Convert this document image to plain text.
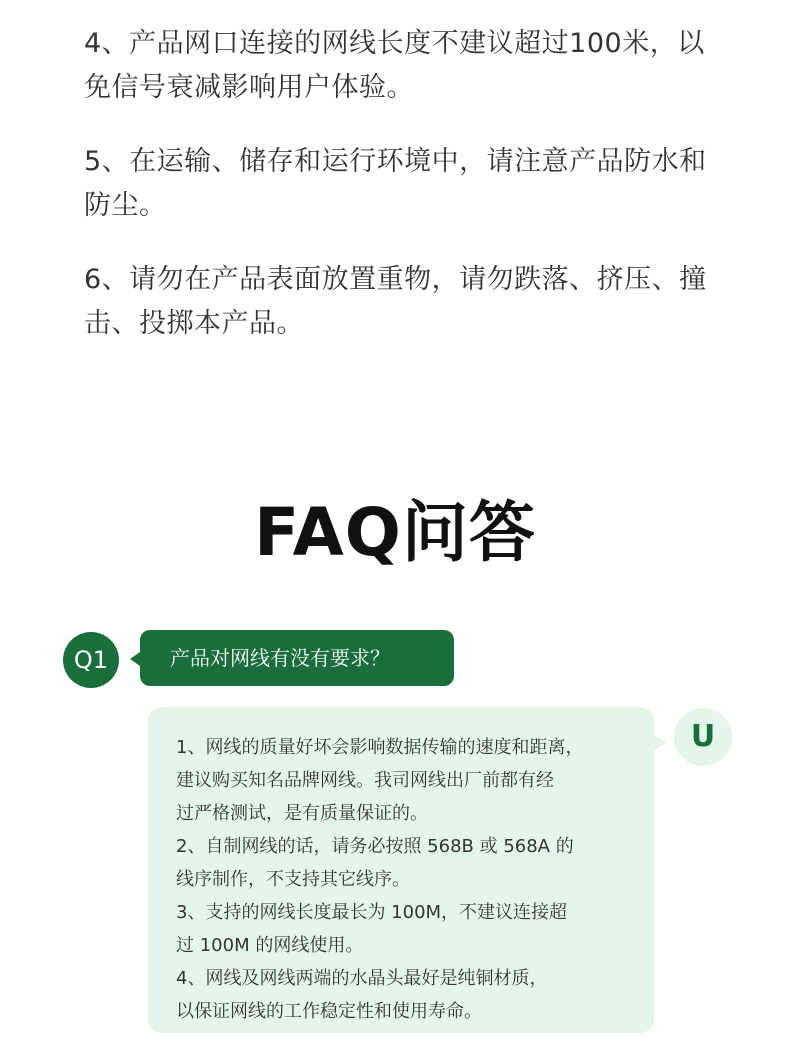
4、产品网口连接的网线长度不建议超过100米，以
免信号衰减影响用户体验。
5、在运输、储存和运行环境中，请注意产品防水和
防尘。
6、请勿在产品表面放置重物，请勿跌落、挤压、撞
击、投掷本产品。
FAQ问答
Q1	产品对网线有没有要求？
1、网线的质量好坏会影响数据传输的速度和距离，
建议购买知名品牌网线。我司网线出厂前都有经
过严格测试，是有质量保证的。
2、自制网线的话，请务必按照 568B 或 568A 的
线序制作，不支持其它线序。
3、支持的网线长度最长为 100M，不建议连接超
过 100M 的网线使用。
4、网线及网线两端的水晶头最好是纯铜材质，
以保证网线的工作稳定性和使用寿命。
U
